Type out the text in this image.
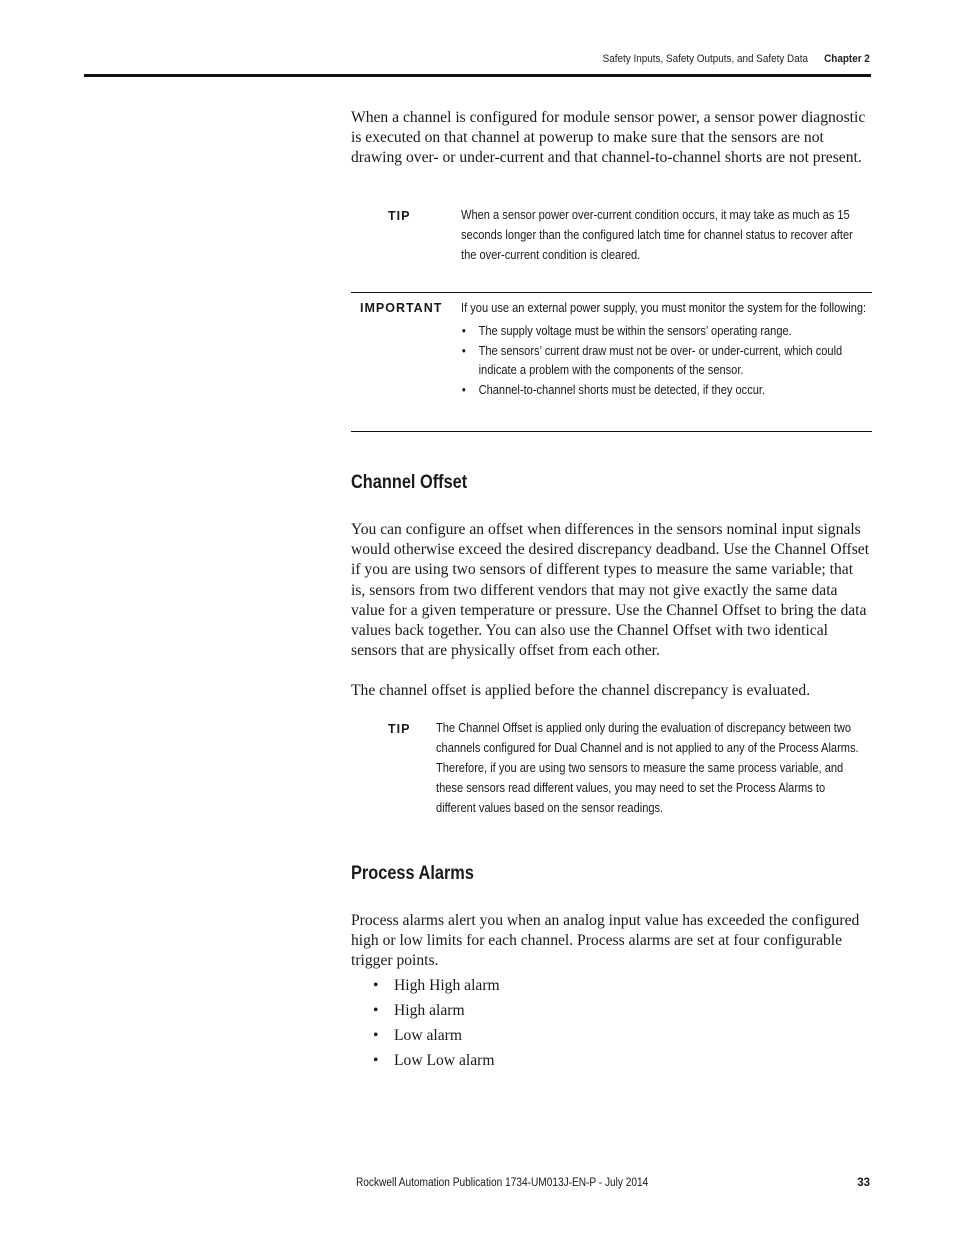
Safety Inputs, Safety Outputs, and Safety Data Chapter 2

When a channel is configured for module sensor power, a sensor power diagnostic is executed on that channel at powerup to make sure that the sensors are not drawing over- or under-current and that channel-to-channel shorts are not present.

TIP	When a sensor power over-current condition occurs, it may take as much as 15 seconds longer than the configured latch time for channel status to recover after the over-current condition is cleared.
IMPORTANT If you use an external power supply, you must monitor the system for the following:
• The supply voltage must be within the sensors’ operating range.
• The sensors’ current draw must not be over- or under-current, which could indicate a problem with the components of the sensor.
• Channel-to-channel shorts must be detected, if they occur.
Channel Offset

You can configure an offset when differences in the sensors nominal input signals would otherwise exceed the desired discrepancy deadband. Use the Channel Offset if you are using two sensors of different types to measure the same variable; that is, sensors from two different vendors that may not give exactly the same data value for a given temperature or pressure. Use the Channel Offset to bring the data values back together. You can also use the Channel Offset with two identical sensors that are physically offset from each other.

The channel offset is applied before the channel discrepancy is evaluated.

TIP The Channel Offset is applied only during the evaluation of discrepancy between two channels configured for Dual Channel and is not applied to any of the Process Alarms. Therefore, if you are using two sensors to measure the same process variable, and these sensors read different values, you may need to set the Process Alarms to different values based on the sensor readings.
Process Alarms

Process alarms alert you when an analog input value has exceeded the configured high or low limits for each channel. Process alarms are set at four configurable trigger points.

• High High alarm
• High alarm
• Low alarm
• Low Low alarm
Rockwell Automation Publication 1734-UM013J-EN-P - July 2014	33
